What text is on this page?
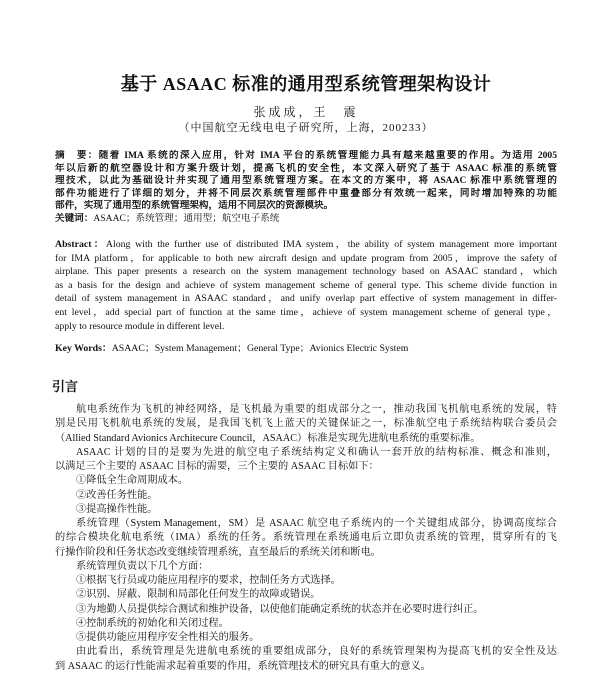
基于 ASAAC 标准的通用型系统管理架构设计
张成成，王　震
（中国航空无线电电子研究所，上海，200233）
摘　要：随着 IMA 系统的深入应用，针对 IMA 平台的系统管理能力具有越来越重要的作用。为适用 2005
年以后新的航空器设计和方案升级计划，提高飞机的安全性，本文深入研究了基于 ASAAC 标准的系统管
理技术，以此为基础设计并实现了通用型系统管理方案。在本文的方案中，将 ASAAC 标准中系统管理的
部件功能进行了详细的划分，并将不同层次系统管理部件中重叠部分有效统一起来，同时增加特殊的功能
部件，实现了通用型的系统管理架构，适用不同层次的资源模块。
关键词：ASAAC；系统管理；通用型；航空电子系统
Abstract：Along with the further use of distributed IMA system，the ability of system management more important
for IMA platform，for applicable to both new aircraft design and update program from 2005，improve the safety of
airplane. This paper presents a research on the system management technology based on ASAAC standard，which
as a basis for the design and achieve of system management scheme of general type. This scheme divide function in
detail of system management in ASAAC standard，and unify overlap part effective of system management in differ-
ent level，add special part of function at the same time，achieve of system management scheme of general type，
apply to resource module in different level.
Key Words：ASAAC；System Management；General Type；Avionics Electric System
引言
航电系统作为飞机的神经网络，是飞机最为重要的组成部分之一，推动我国飞机航电系统的发展，特
别是民用飞机航电系统的发展，是我国飞机飞上蓝天的关键保证之一，标准航空电子系统结构联合委员会
（Allied Standard Avionics Architecure Council，ASAAC）标准是实现先进航电系统的重要标准。
ASAAC 计划的目的是要为先进的航空电子系统结构定义和确认一套开放的结构标准、概念和准则，
以满足三个主要的 ASAAC 目标的需要，三个主要的 ASAAC 目标如下：
①降低全生命周期成本。
②改善任务性能。
③提高操作性能。
系统管理（System Management，SM）是 ASAAC 航空电子系统内的一个关键组成部分，协调高度综合
的综合模块化航电系统（IMA）系统的任务。系统管理在系统通电后立即负责系统的管理，贯穿所有的飞
行操作阶段和任务状态改变继续管理系统，直至最后的系统关闭和断电。
系统管理负责以下几个方面：
①根据飞行员或功能应用程序的要求，控制任务方式选择。
②识别、屏蔽、限制和局部化任何发生的故障或错误。
③为地勤人员提供综合测试和维护设备，以使他们能确定系统的状态并在必要时进行纠正。
④控制系统的初始化和关闭过程。
⑤提供功能应用程序安全性相关的服务。
由此看出，系统管理是先进航电系统的重要组成部分，良好的系统管理架构为提高飞机的安全性及达
到 ASAAC 的运行性能需求起着重要的作用，系统管理技术的研究具有重大的意义。
